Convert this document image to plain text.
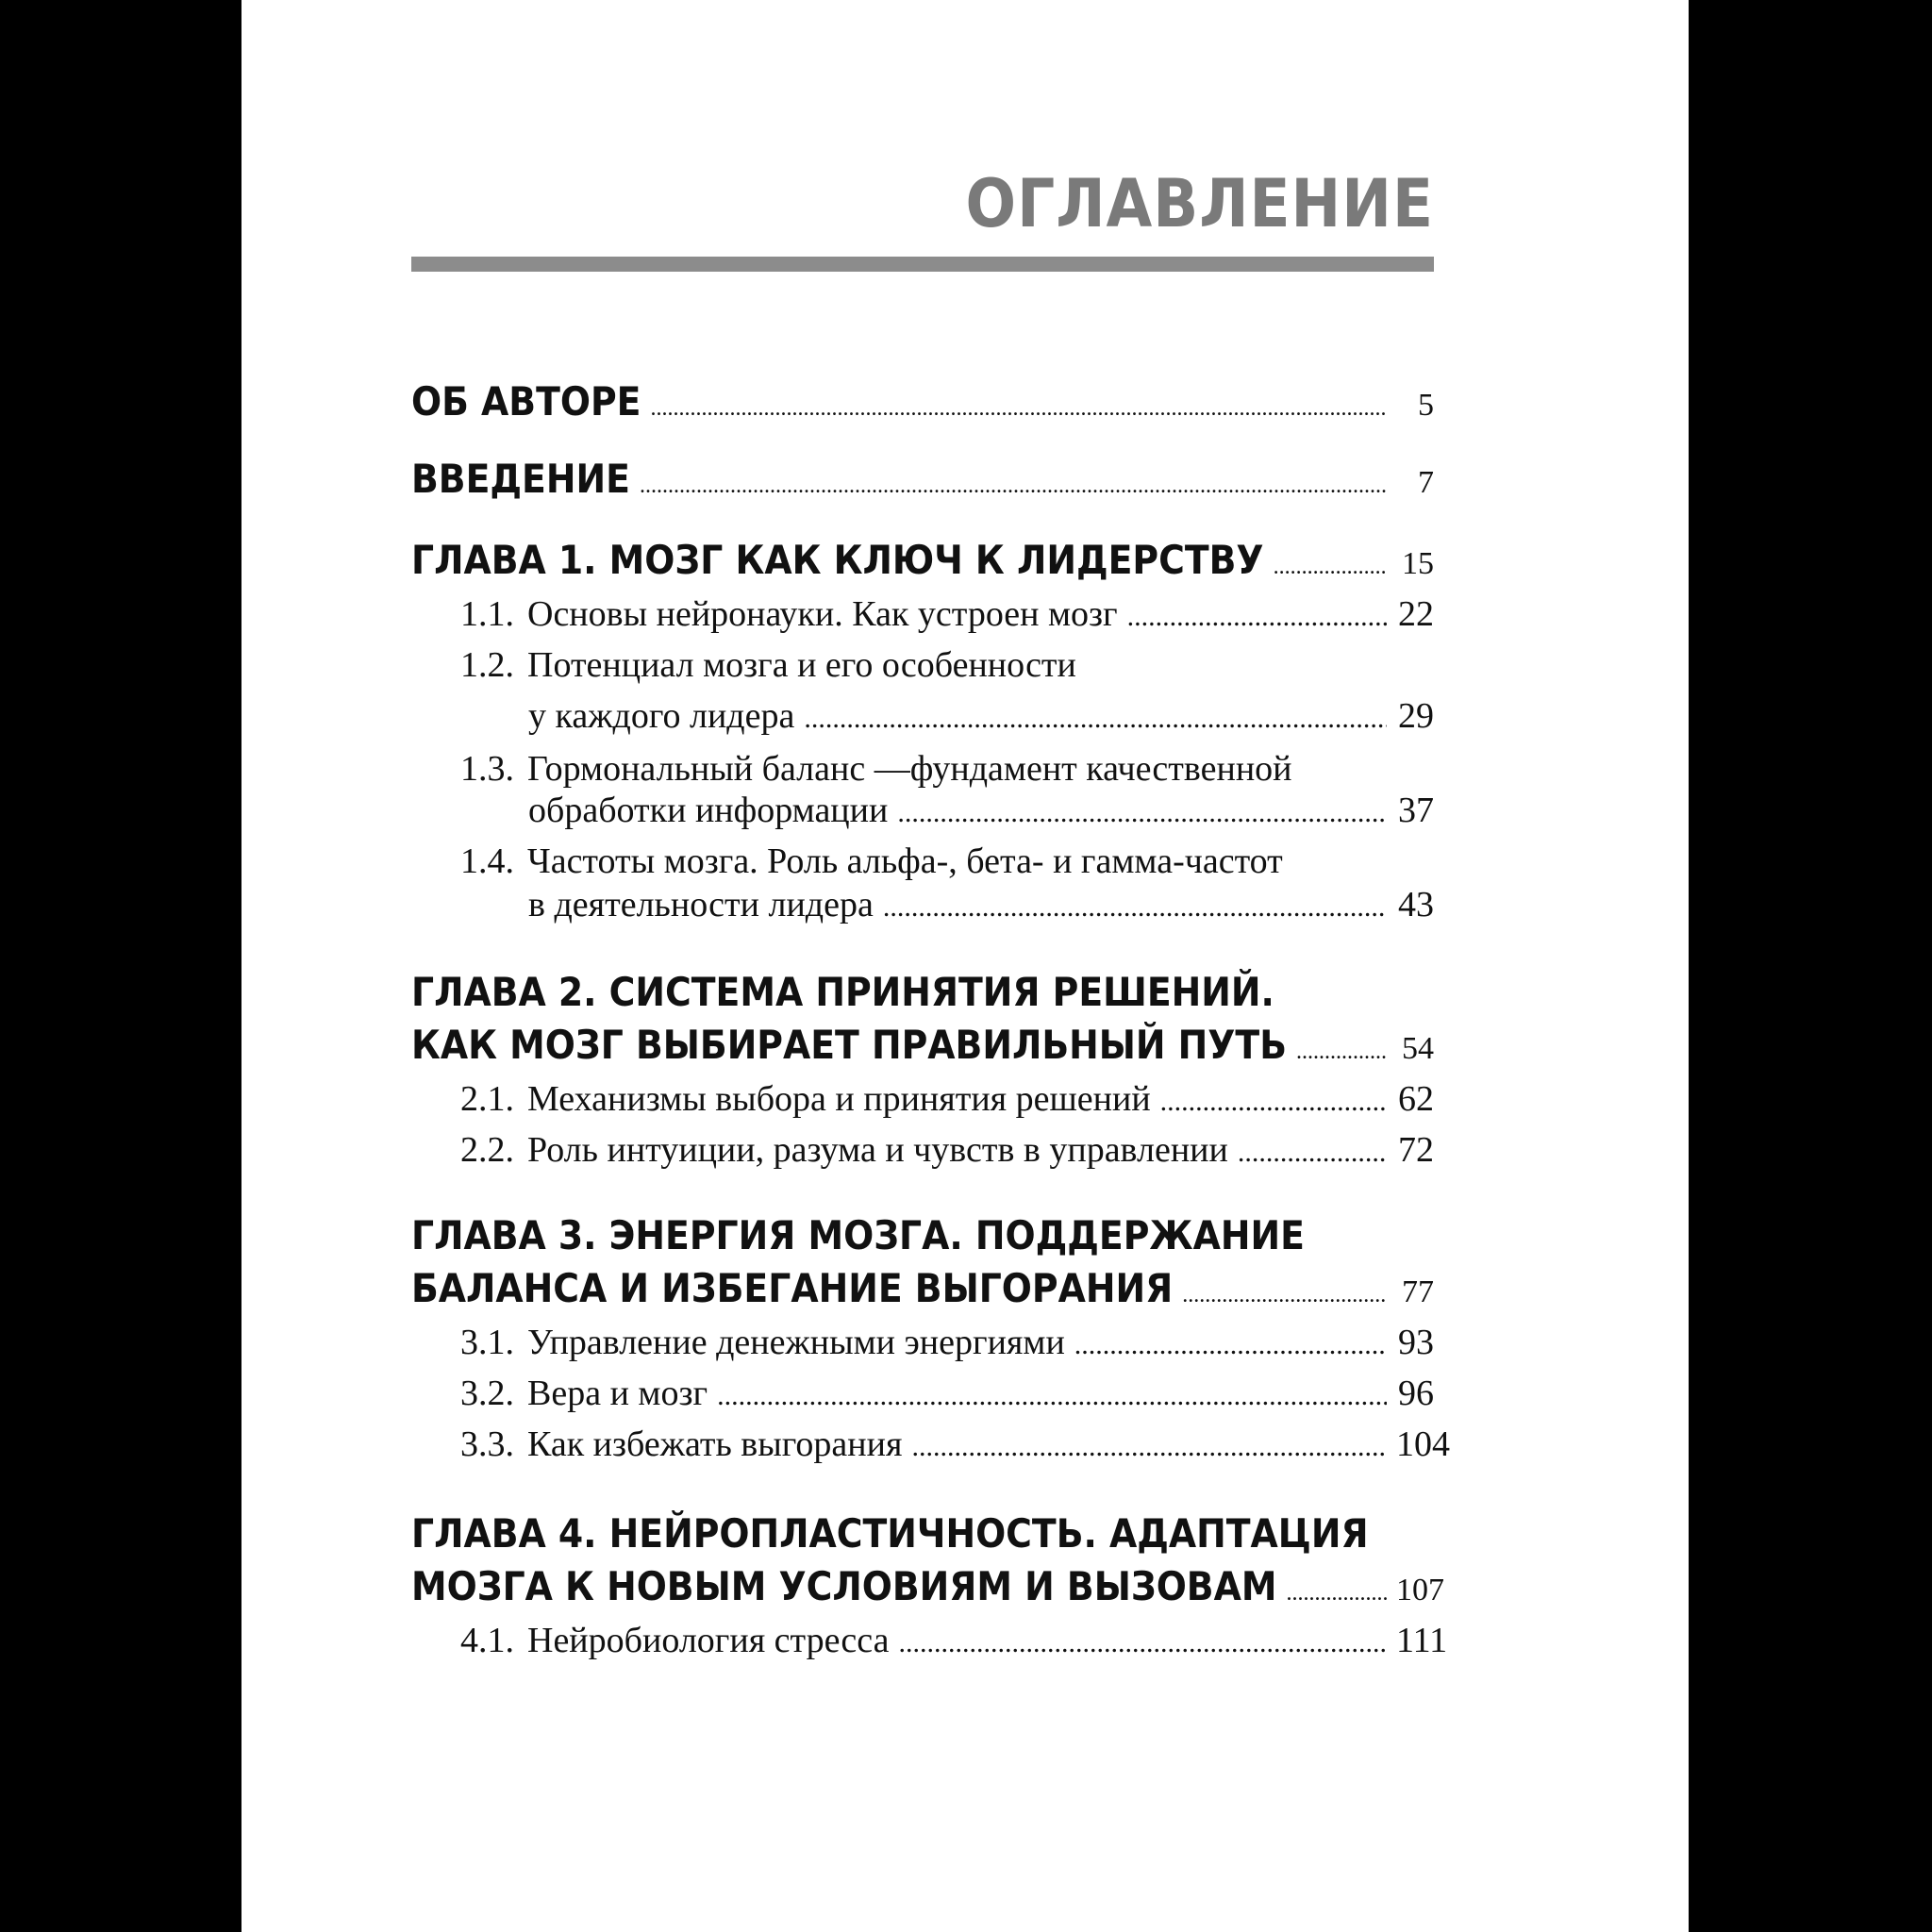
ОГЛАВЛЕНИЕ
ОБ АВТОРЕ .....	5
ВВЕДЕНИЕ .....	7
ГЛАВА 1. МОЗГ КАК КЛЮЧ К ЛИДЕРСТВУ .....	15
1.1. Основы нейронауки. Как устроен мозг .....	22
1.2. Потенциал мозга и его особенности
у каждого лидера .....	29
1.3. Гормональный баланс —фундамент качественной
обработки информации .....	37
1.4. Частоты мозга. Роль альфа-, бета- и гамма-частот
в деятельности лидера .....	43
ГЛАВА 2. СИСТЕМА ПРИНЯТИЯ РЕШЕНИЙ.
КАК МОЗГ ВЫБИРАЕТ ПРАВИЛЬНЫЙ ПУТЬ .....	54
2.1. Механизмы выбора и принятия решений .....	62
2.2. Роль интуиции, разума и чувств в управлении .....	72
ГЛАВА 3. ЭНЕРГИЯ МОЗГА. ПОДДЕРЖАНИЕ
БАЛАНСА И ИЗБЕГАНИЕ ВЫГОРАНИЯ .....	77
3.1. Управление денежными энергиями .....	93
3.2. Вера и мозг .....	96
3.3. Как избежать выгорания .....	104
ГЛАВА 4. НЕЙРОПЛАСТИЧНОСТЬ. АДАПТАЦИЯ
МОЗГА К НОВЫМ УСЛОВИЯМ И ВЫЗОВАМ .....	107
4.1. Нейробиология стресса .....	111
